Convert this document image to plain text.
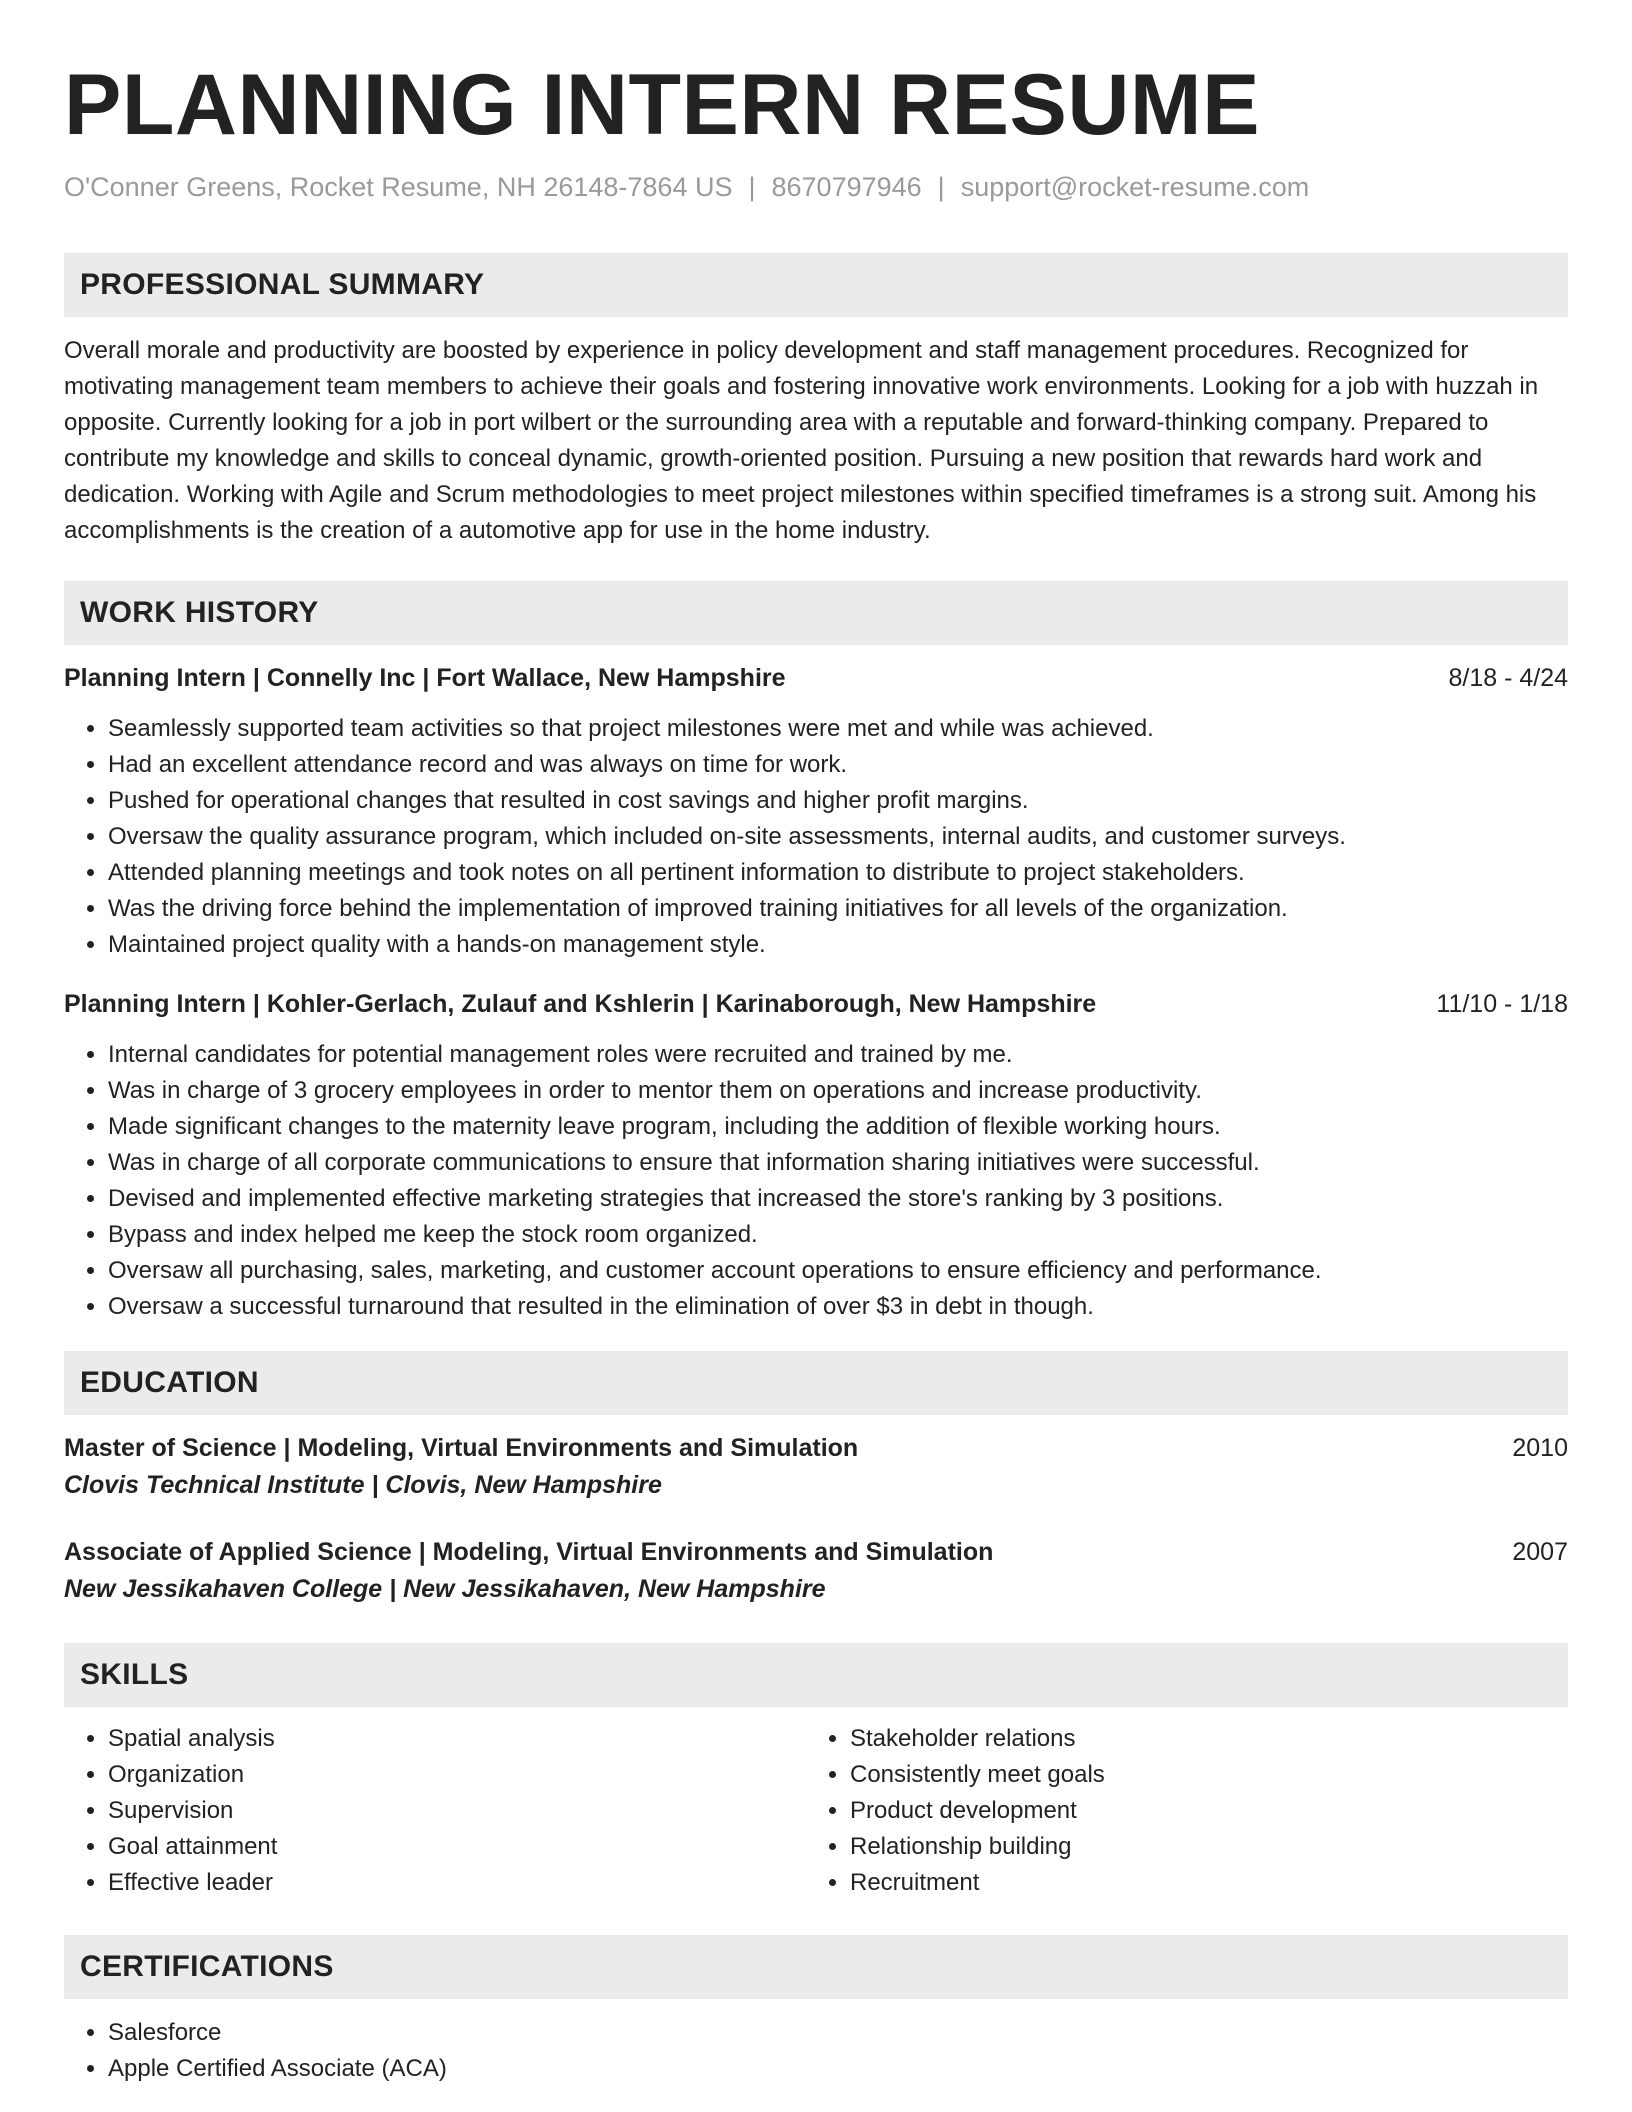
PLANNING INTERN RESUME
O'Conner Greens, Rocket Resume, NH 26148-7864 US | 8670797946 | support@rocket-resume.com
PROFESSIONAL SUMMARY

Overall morale and productivity are boosted by experience in policy development and staff management procedures. Recognized for motivating management team members to achieve their goals and fostering innovative work environments. Looking for a job with huzzah in opposite. Currently looking for a job in port wilbert or the surrounding area with a reputable and forward-thinking company. Prepared to contribute my knowledge and skills to conceal dynamic, growth-oriented position. Pursuing a new position that rewards hard work and dedication. Working with Agile and Scrum methodologies to meet project milestones within specified timeframes is a strong suit. Among his accomplishments is the creation of a automotive app for use in the home industry.

WORK HISTORY
Planning Intern | Connelly Inc | Fort Wallace, New Hampshire	8/18 - 4/24
• Seamlessly supported team activities so that project milestones were met and while was achieved.
• Had an excellent attendance record and was always on time for work.
• Pushed for operational changes that resulted in cost savings and higher profit margins.
• Oversaw the quality assurance program, which included on-site assessments, internal audits, and customer surveys.
• Attended planning meetings and took notes on all pertinent information to distribute to project stakeholders.
• Was the driving force behind the implementation of improved training initiatives for all levels of the organization.
• Maintained project quality with a hands-on management style.
Planning Intern | Kohler-Gerlach, Zulauf and Kshlerin | Karinaborough, New Hampshire	11/10 - 1/18
• Internal candidates for potential management roles were recruited and trained by me.
• Was in charge of 3 grocery employees in order to mentor them on operations and increase productivity.
• Made significant changes to the maternity leave program, including the addition of flexible working hours.
• Was in charge of all corporate communications to ensure that information sharing initiatives were successful.
• Devised and implemented effective marketing strategies that increased the store's ranking by 3 positions.
• Bypass and index helped me keep the stock room organized.
• Oversaw all purchasing, sales, marketing, and customer account operations to ensure efficiency and performance.
• Oversaw a successful turnaround that resulted in the elimination of over $3 in debt in though.
EDUCATION
Master of Science | Modeling, Virtual Environments and Simulation	2010
Clovis Technical Institute | Clovis, New Hampshire
Associate of Applied Science | Modeling, Virtual Environments and Simulation	2007
New Jessikahaven College | New Jessikahaven, New Hampshire
SKILLS
• Spatial analysis
• Organization
• Supervision
• Goal attainment
• Effective leader
• Stakeholder relations
• Consistently meet goals
• Product development
• Relationship building
• Recruitment
CERTIFICATIONS
• Salesforce
• Apple Certified Associate (ACA)
